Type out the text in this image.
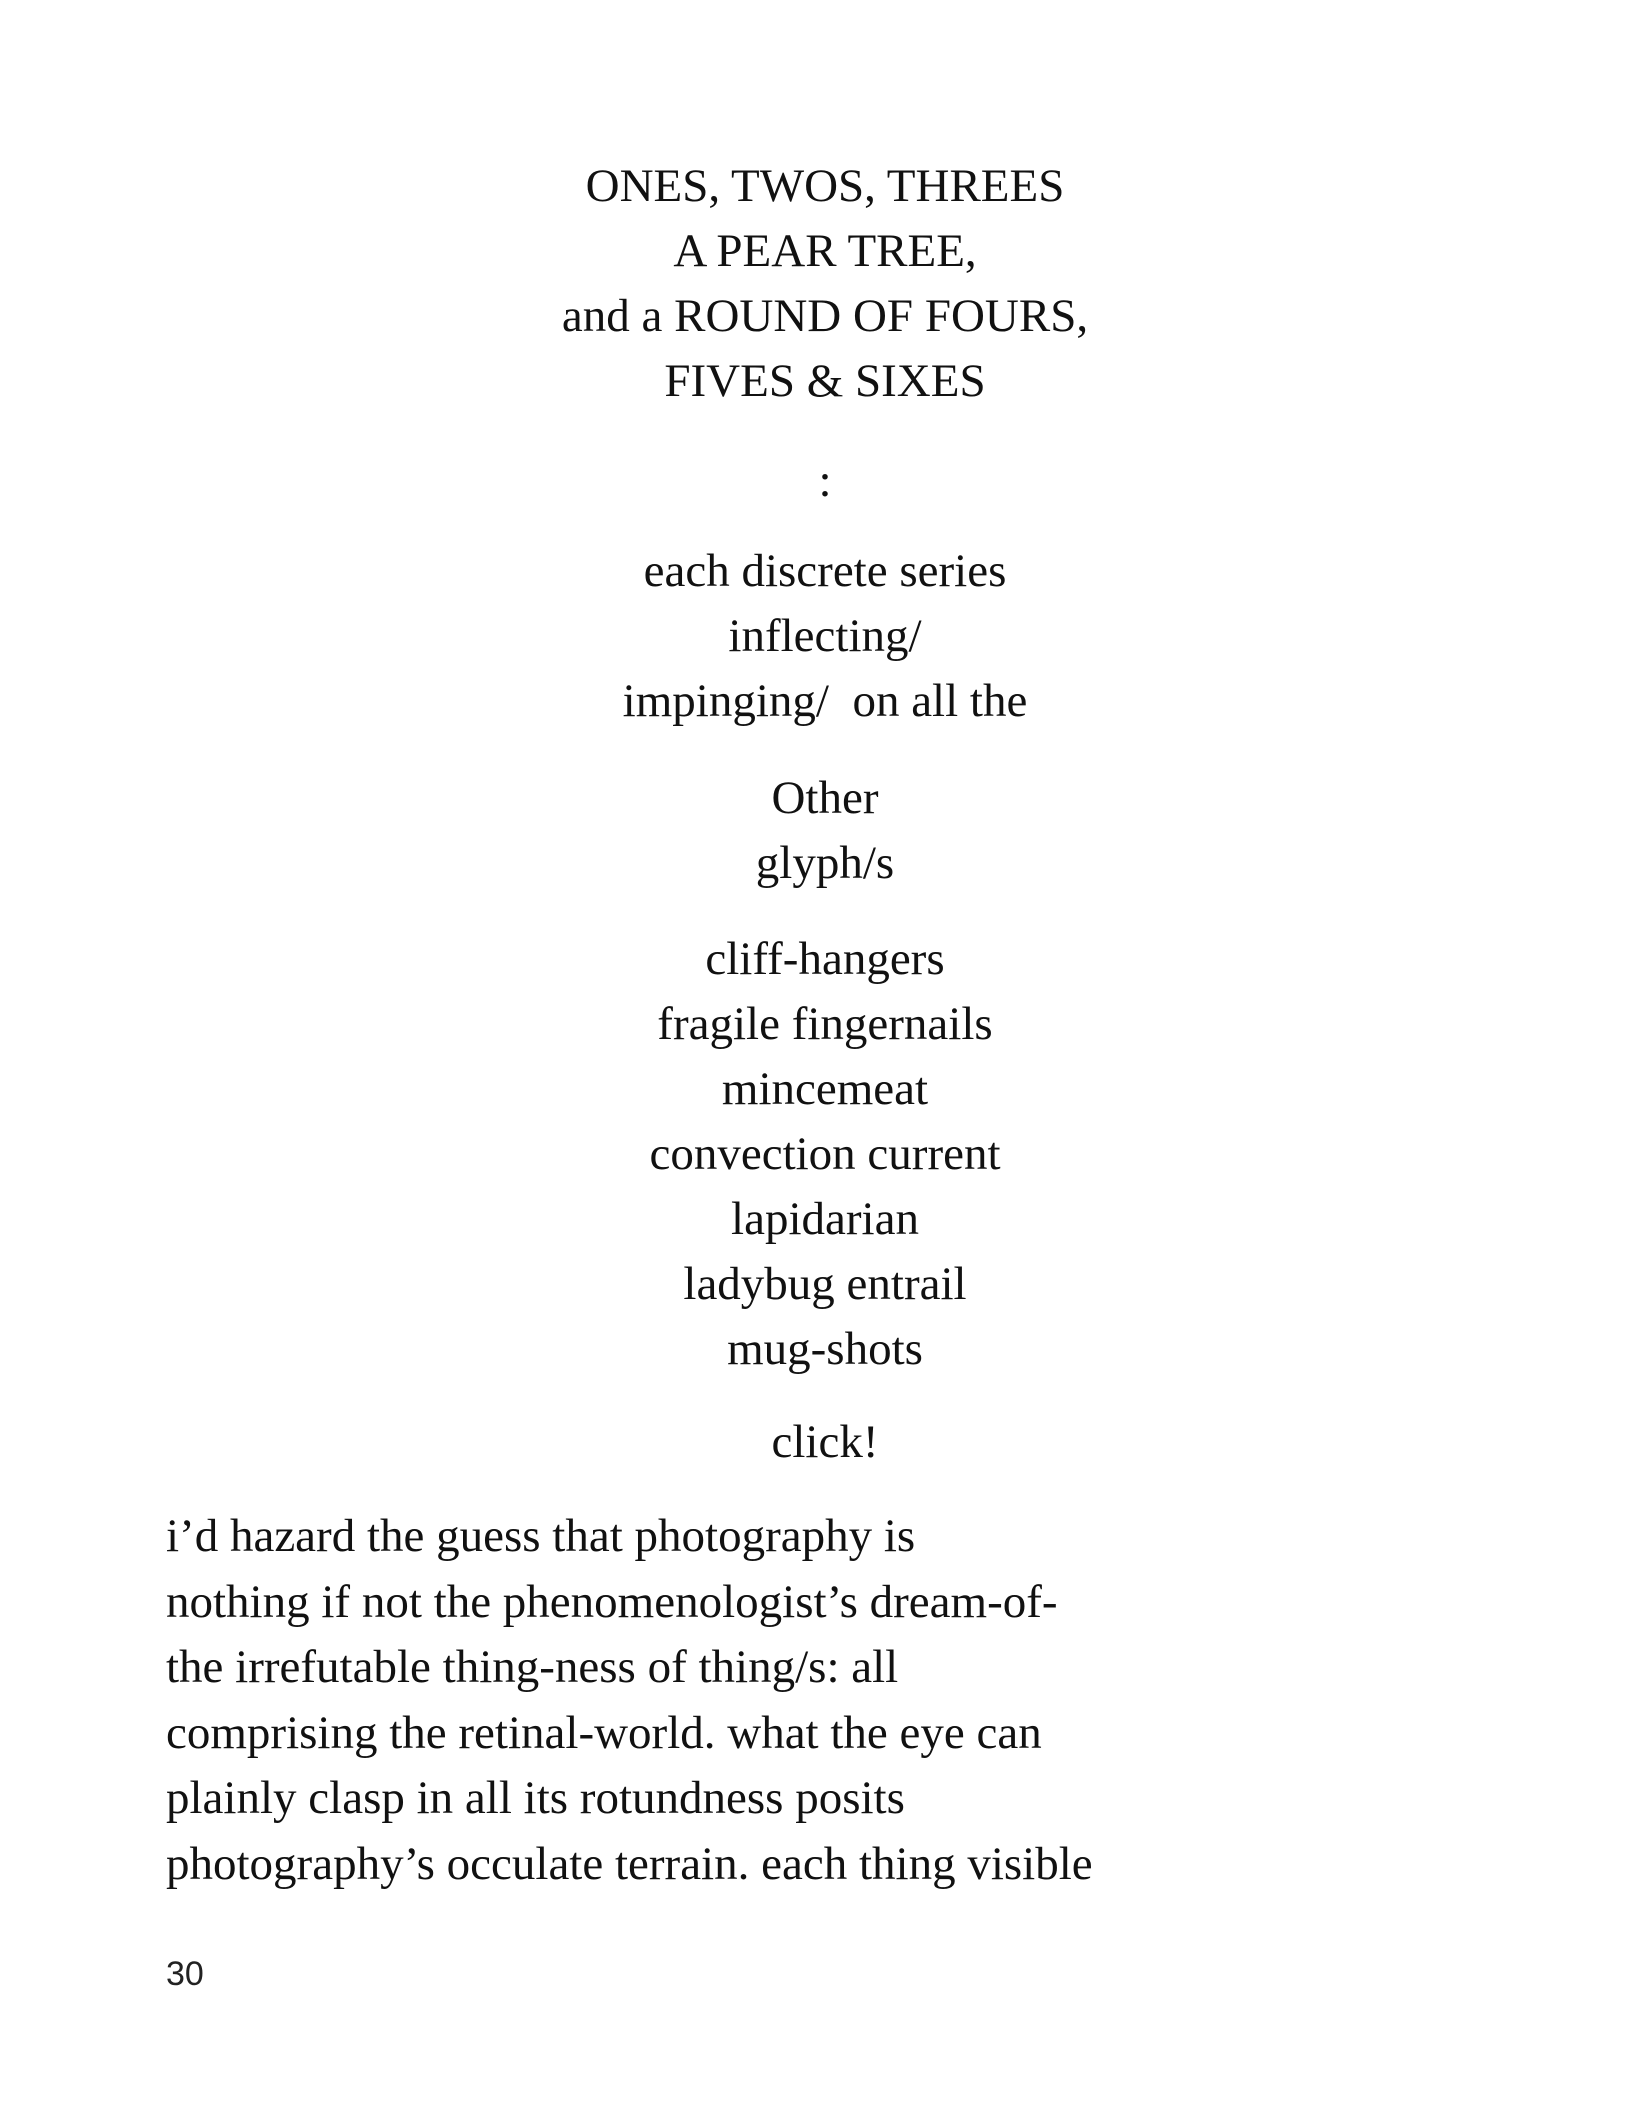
ONES, TWOS, THREES
A PEAR TREE,
and a ROUND OF FOURS,
FIVES & SIXES
:
each discrete series
inflecting/
impinging/  on all the
Other
glyph/s
cliff-hangers
fragile fingernails
mincemeat
convection current
lapidarian
ladybug entrail
mug-shots
click!
i’d hazard the guess that photography is
nothing if not the phenomenologist’s dream-of-
the irrefutable thing-ness of thing/s: all
comprising the retinal-world. what the eye can
plainly clasp in all its rotundness posits
photography’s occulate terrain. each thing visible
30
